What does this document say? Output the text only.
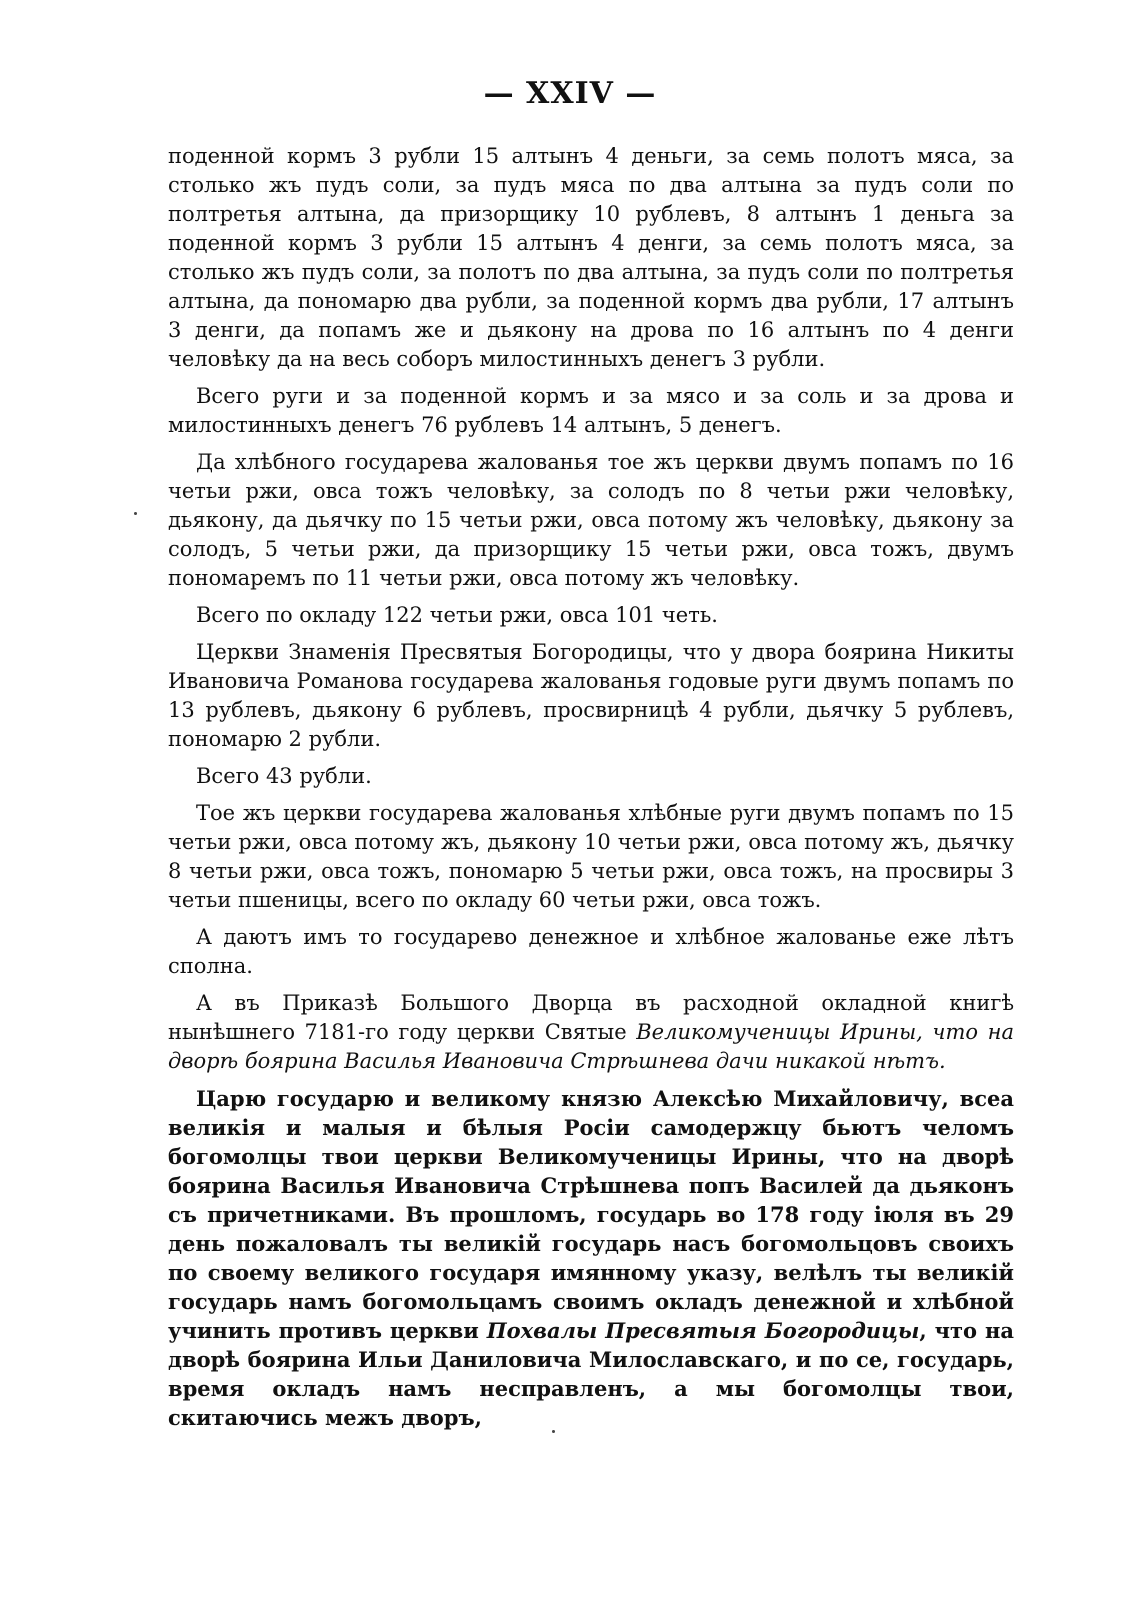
— XXIV —

поденной кормъ 3 рубли 15 алтынъ 4 деньги, за семь полотъ мяса, за столько жъ пудъ соли, за пудъ мяса по два алтына за пудъ соли по полтретья алтына, да призорщику 10 рублевъ, 8 алтынъ 1 деньга за поденной кормъ 3 рубли 15 алтынъ 4 денги, за семь полотъ мяса, за столько жъ пудъ соли, за полотъ по два алтына, за пудъ соли по полтретья алтына, да пономарю два рубли, за поденной кормъ два рубли, 17 алтынъ 3 денги, да попамъ же и дьякону на дрова по 16 алтынъ по 4 денги человѣку да на весь соборъ милостинныхъ денегъ 3 рубли.

Всего руги и за поденной кормъ и за мясо и за соль и за дрова и милостинныхъ денегъ 76 рублевъ 14 алтынъ, 5 денегъ.

Да хлѣбного государева жалованья тое жъ церкви двумъ попамъ по 16 четьи ржи, овса тожъ человѣку, за солодъ по 8 четьи ржи человѣку, дьякону, да дьячку по 15 четьи ржи, овса потому жъ человѣку, дьякону за солодъ, 5 четьи ржи, да призорщику 15 четьи ржи, овса тожъ, двумъ пономаремъ по 11 четьи ржи, овса потому жъ человѣку.

Всего по окладу 122 четьи ржи, овса 101 четь.

Церкви Знаменія Пресвятыя Богородицы, что у двора боярина Никиты Ивановича Романова государева жалованья годовые руги двумъ попамъ по 13 рублевъ, дьякону 6 рублевъ, просвирницѣ 4 рубли, дьячку 5 рублевъ, пономарю 2 рубли.

Всего 43 рубли.

Тое жъ церкви государева жалованья хлѣбные руги двумъ попамъ по 15 четьи ржи, овса потому жъ, дьякону 10 четьи ржи, овса потому жъ, дьячку 8 четьи ржи, овса тожъ, пономарю 5 четьи ржи, овса тожъ, на просвиры 3 четьи пшеницы, всего по окладу 60 четьи ржи, овса тожъ.

А даютъ имъ то государево денежное и хлѣбное жалованье еже лѣтъ сполна.

А въ Приказѣ Большого Дворца въ расходной окладной книгѣ нынѣшнего 7181-го году церкви Святые Великомученицы Ирины, что на дворѣ боярина Василья Ивановича Стрѣшнева дачи никакой нѣтъ.

Царю государю и великому князю Алексѣю Михайловичу, всеа великія и малыя и бѣлыя Росіи самодержцу бьютъ челомъ богомолцы твои церкви Великомученицы Ирины, что на дворѣ боярина Василья Ивановича Стрѣшнева попъ Василей да дьяконъ съ причетниками. Въ прошломъ, государь во 178 году іюля въ 29 день пожаловалъ ты великій государь насъ богомольцовъ своихъ по своему великого государя имянному указу, велѣлъ ты великій государь намъ богомольцамъ своимъ окладъ денежной и хлѣбной учинить противъ церкви Похвалы Пресвятыя Богородицы, что на дворѣ боярина Ильи Даниловича Милославскаго, и по се, государь, время окладъ намъ несправленъ, а мы богомолцы твои, скитаючись межъ дворъ,
